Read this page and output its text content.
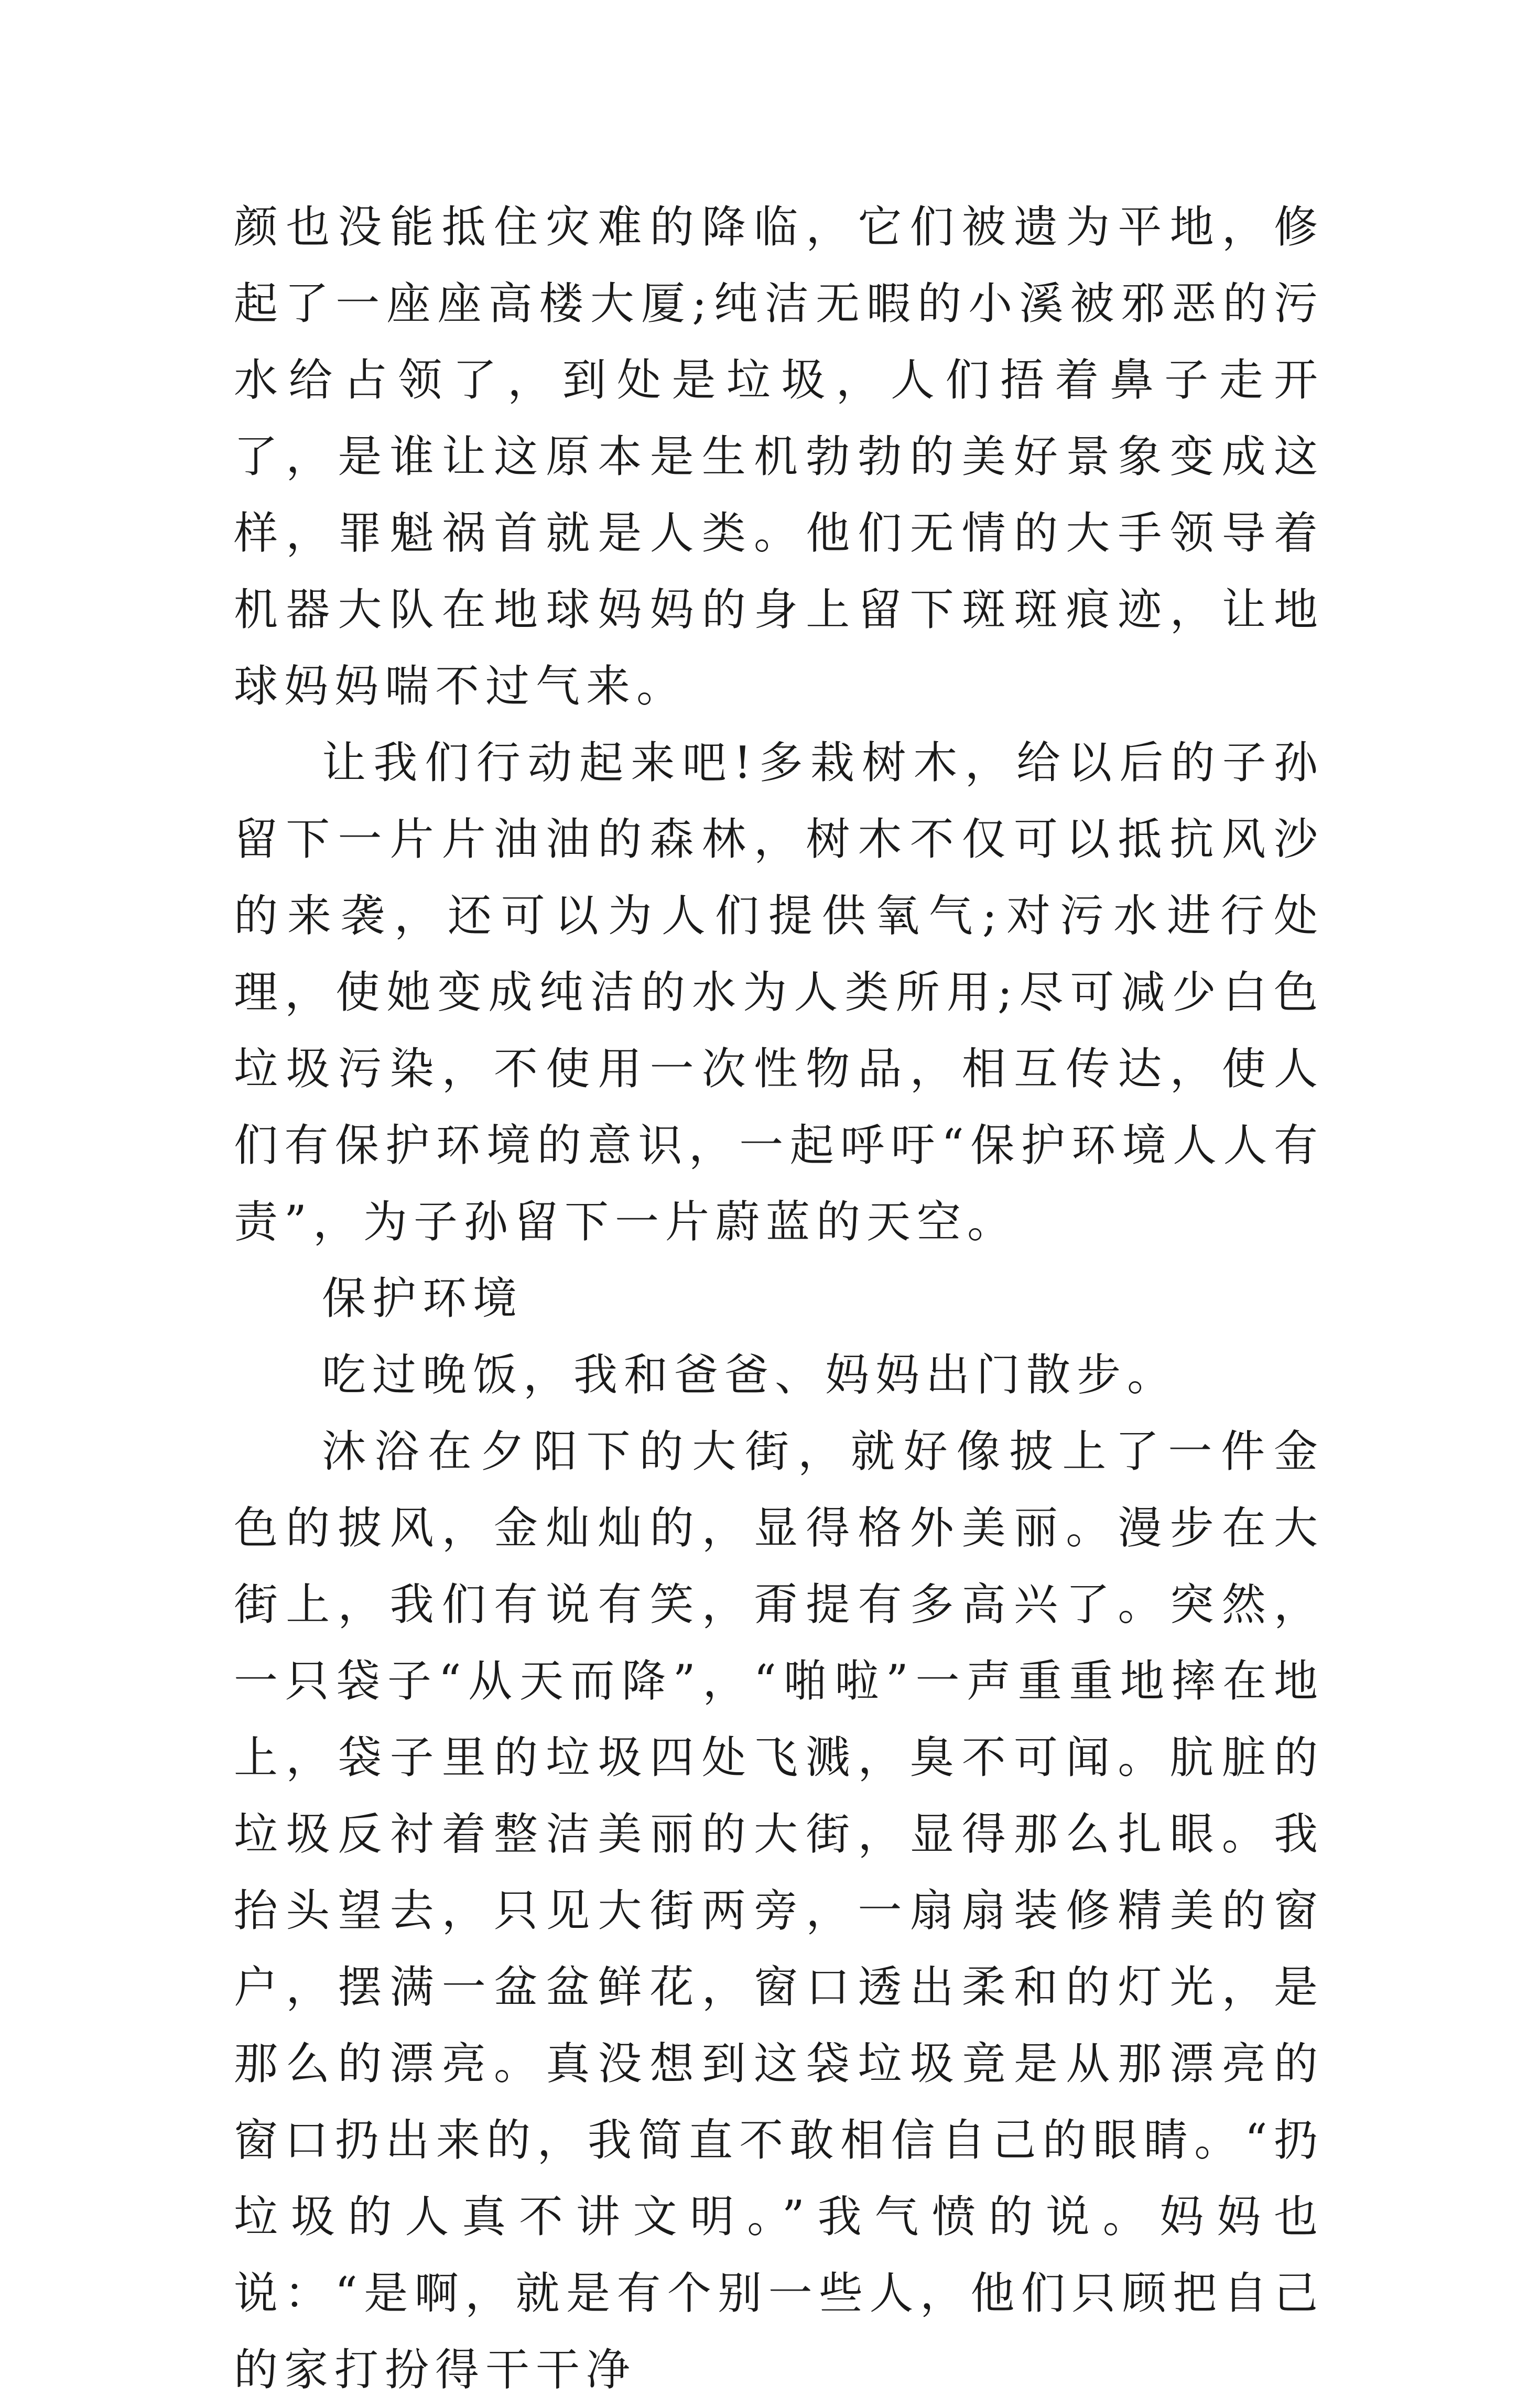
颜也没能抵住灾难的降临，它们被遗为平地，修起了一座座高楼大厦;纯洁无暇的小溪被邪恶的污水给占领了，到处是垃圾，人们捂着鼻子走开了，是谁让这原本是生机勃勃的美好景象变成这样，罪魁祸首就是人类。他们无情的大手领导着机器大队在地球妈妈的身上留下斑斑痕迹，让地球妈妈喘不过气来。

让我们行动起来吧!多栽树木，给以后的子孙留下一片片油油的森林，树木不仅可以抵抗风沙的来袭，还可以为人们提供氧气;对污水进行处理，使她变成纯洁的水为人类所用;尽可减少白色垃圾污染，不使用一次性物品，相互传达，使人们有保护环境的意识，一起呼吁“保护环境人人有责”，为子孙留下一片蔚蓝的天空。

保护环境

吃过晚饭，我和爸爸、妈妈出门散步。

沐浴在夕阳下的大街，就好像披上了一件金色的披风，金灿灿的，显得格外美丽。漫步在大街上，我们有说有笑，甭提有多高兴了。突然，一只袋子“从天而降”，“啪啦”一声重重地摔在地上，袋子里的垃圾四处飞溅，臭不可闻。肮脏的垃圾反衬着整洁美丽的大街，显得那么扎眼。我抬头望去，只见大街两旁，一扇扇装修精美的窗户，摆满一盆盆鲜花，窗口透出柔和的灯光，是那么的漂亮。真没想到这袋垃圾竟是从那漂亮的窗口扔出来的，我简直不敢相信自己的眼睛。“扔垃圾的人真不讲文明。”我气愤的说。妈妈也说：“是啊，就是有个别一些人，他们只顾把自己的家打扮得干干净
